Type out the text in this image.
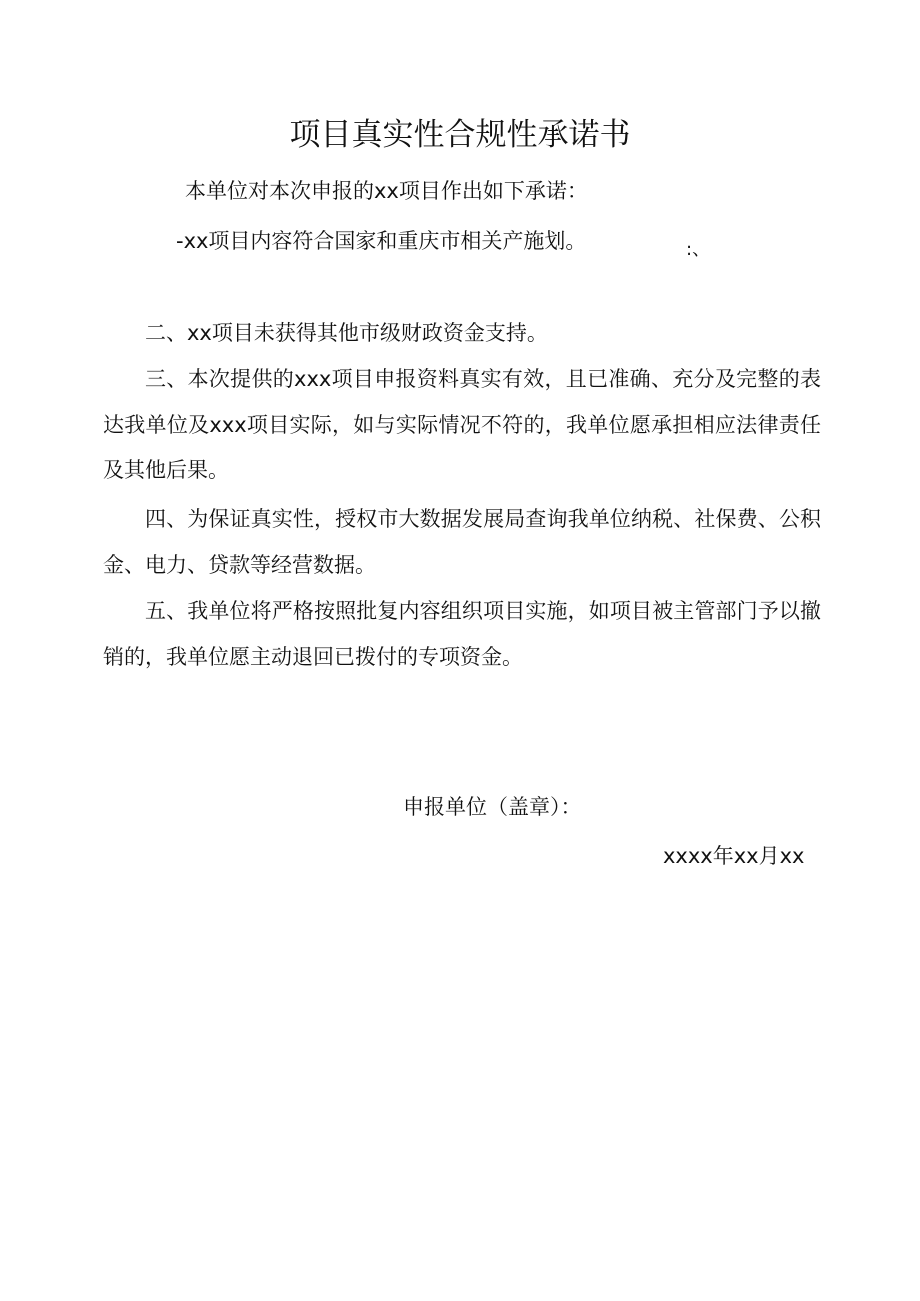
项目真实性合规性承诺书
本单位对本次申报的xx项目作出如下承诺：
-xx项目内容符合国家和重庆市相关产施划。	:、
二、xx项目未获得其他市级财政资金支持。
三、本次提供的xxx项目申报资料真实有效，且已准确、充分及完整的表达我单位及xxx项目实际，如与实际情况不符的，我单位愿承担相应法律责任及其他后果。
四、为保证真实性，授权市大数据发展局查询我单位纳税、社保费、公积金、电力、贷款等经营数据。
五、我单位将严格按照批复内容组织项目实施，如项目被主管部门予以撤销的，我单位愿主动退回已拨付的专项资金。
申报单位（盖章）：
xxxx年xx月xx
